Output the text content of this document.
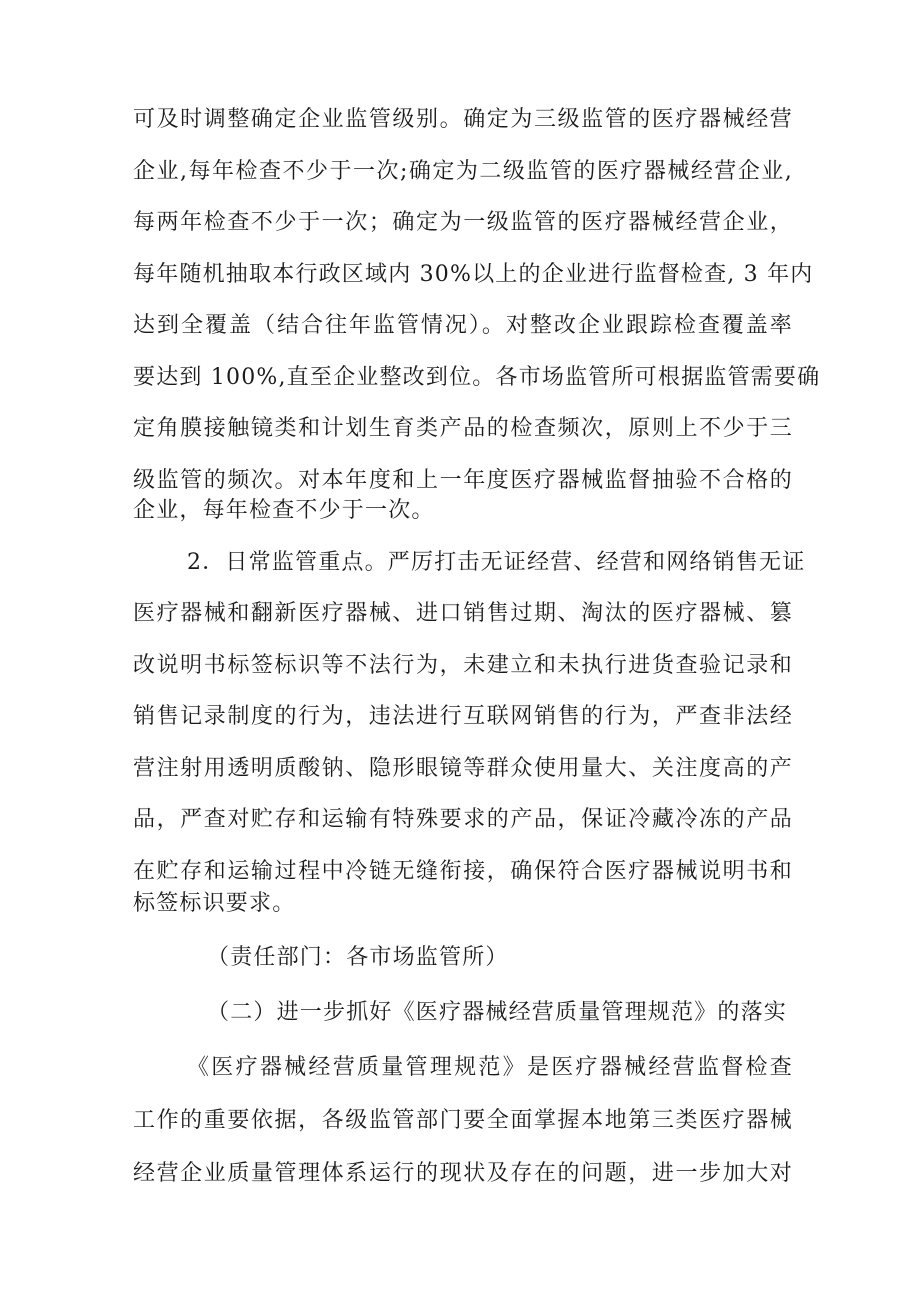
可及时调整确定企业监管级别。确定为三级监管的医疗器械经营
企业,每年检查不少于一次;确定为二级监管的医疗器械经营企业,
每两年检查不少于一次；确定为一级监管的医疗器械经营企业，
每年随机抽取本行政区域内 30%以上的企业进行监督检查, 3 年内
达到全覆盖（结合往年监管情况）。对整改企业跟踪检查覆盖率
要达到 100%,直至企业整改到位。各市场监管所可根据监管需要确
定角膜接触镜类和计划生育类产品的检查频次，原则上不少于三
级监管的频次。对本年度和上一年度医疗器械监督抽验不合格的
企业，每年检查不少于一次。
2．日常监管重点。严厉打击无证经营、经营和网络销售无证
医疗器械和翻新医疗器械、进口销售过期、淘汰的医疗器械、篡
改说明书标签标识等不法行为，未建立和未执行进货查验记录和
销售记录制度的行为，违法进行互联网销售的行为，严查非法经
营注射用透明质酸钠、隐形眼镜等群众使用量大、关注度高的产
品，严查对贮存和运输有特殊要求的产品，保证冷藏冷冻的产品
在贮存和运输过程中冷链无缝衔接，确保符合医疗器械说明书和
标签标识要求。
（责任部门：各市场监管所）
（二）进一步抓好《医疗器械经营质量管理规范》的落实
《医疗器械经营质量管理规范》是医疗器械经营监督检查
工作的重要依据，各级监管部门要全面掌握本地第三类医疗器械
经营企业质量管理体系运行的现状及存在的问题，进一步加大对
